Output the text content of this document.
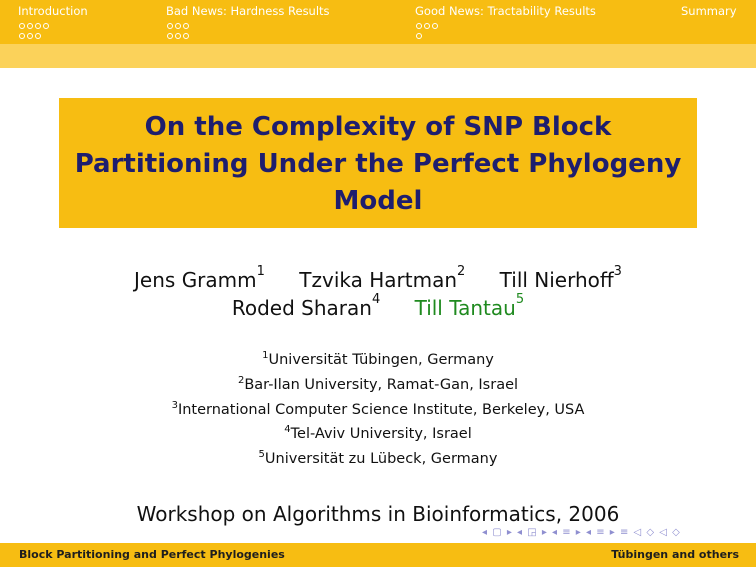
Introduction	Bad News: Hardness Results	Good News: Tractability Results	Summary
On the Complexity of SNP Block Partitioning Under the Perfect Phylogeny Model
Jens Gramm$^1$ Tzvika Hartman$^2$ Till Nierhoff$^3$
Roded Sharan$^4$ Till Tantau$^5$
$^1$Universität Tübingen, Germany
$^2$Bar-Ilan University, Ramat-Gan, Israel
$^3$International Computer Science Institute, Berkeley, USA
$^4$Tel-Aviv University, Israel
$^5$Universität zu Lübeck, Germany
Workshop on Algorithms in Bioinformatics, 2006
◂ ▢ ▸ ◂ ◲ ▸ ◂ ≡ ▸ ◂ ≡ ▸ ≡ ◁ ◇ ◁ ◇
Block Partitioning and Perfect Phylogenies	Tübingen and others
